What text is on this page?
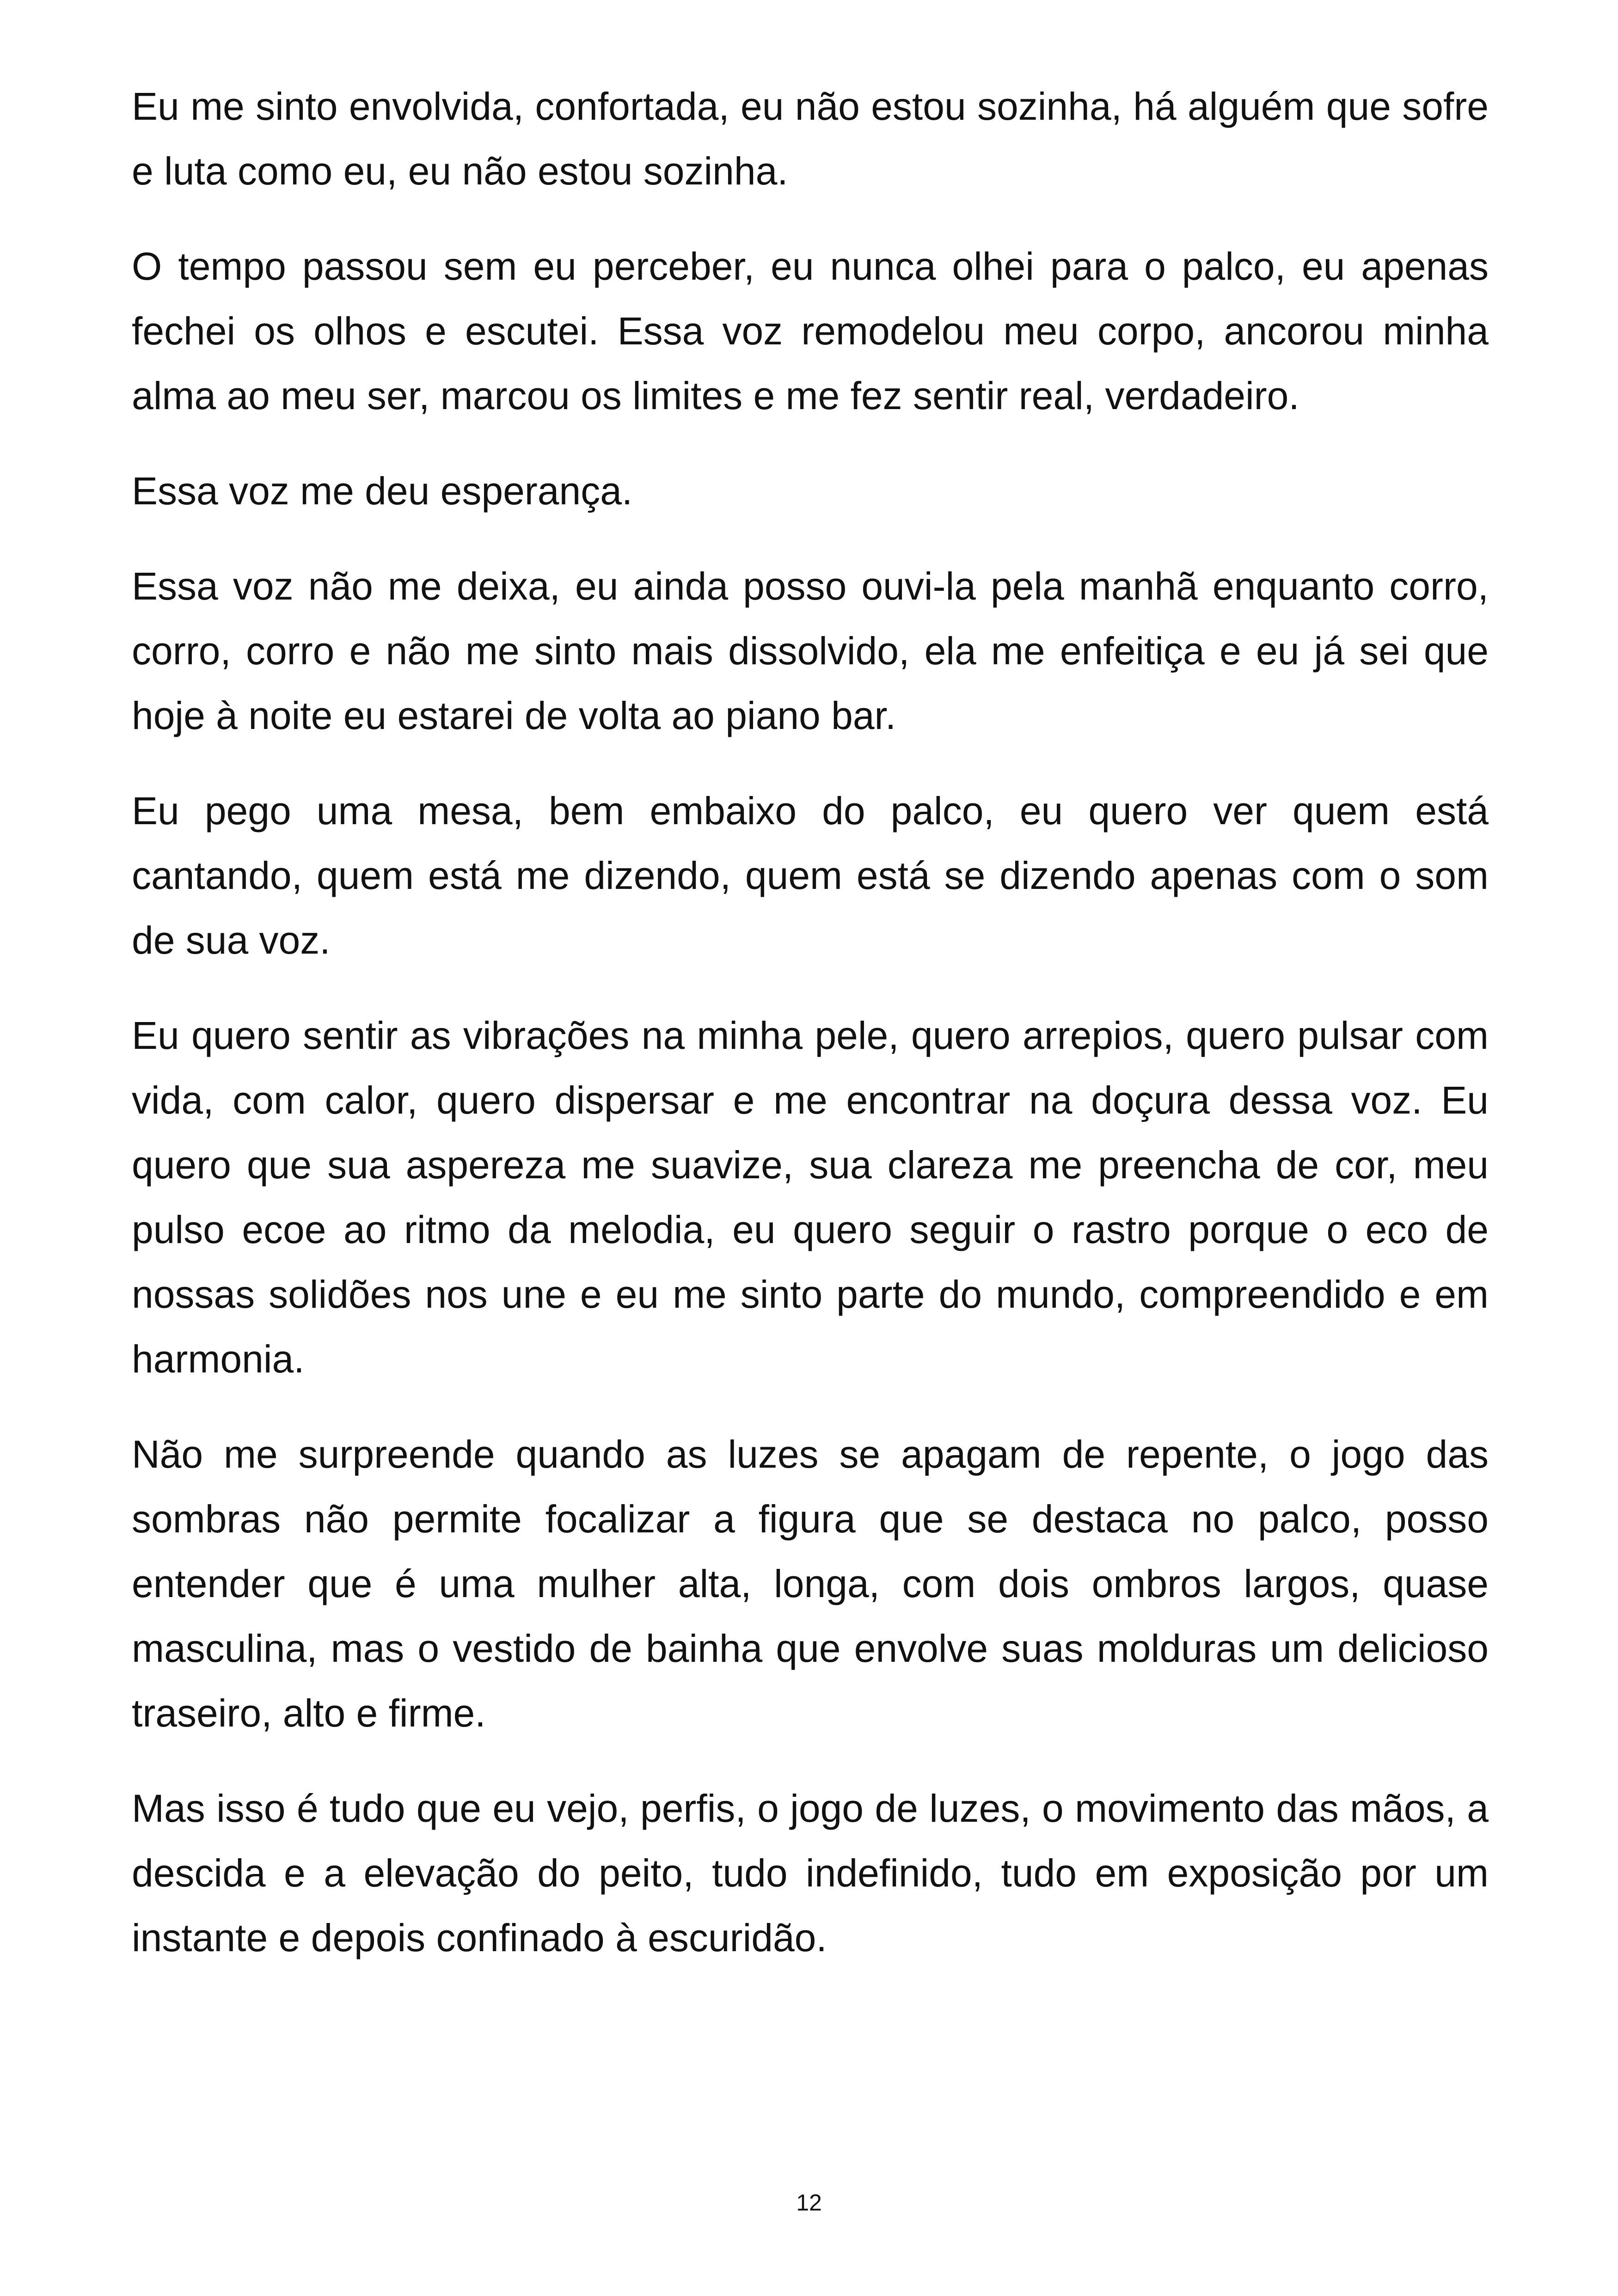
Eu me sinto envolvida, confortada, eu não estou sozinha, há alguém que sofre e luta como eu, eu não estou sozinha.

O tempo passou sem eu perceber, eu nunca olhei para o palco, eu apenas fechei os olhos e escutei. Essa voz remodelou meu corpo, ancorou minha alma ao meu ser, marcou os limites e me fez sentir real, verdadeiro.

Essa voz me deu esperança.

Essa voz não me deixa, eu ainda posso ouvi-la pela manhã enquanto corro, corro, corro e não me sinto mais dissolvido, ela me enfeitiça e eu já sei que hoje à noite eu estarei de volta ao piano bar.

Eu pego uma mesa, bem embaixo do palco, eu quero ver quem está cantando, quem está me dizendo, quem está se dizendo apenas com o som de sua voz.

Eu quero sentir as vibrações na minha pele, quero arrepios, quero pulsar com vida, com calor, quero dispersar e me encontrar na doçura dessa voz. Eu quero que sua aspereza me suavize, sua clareza me preencha de cor, meu pulso ecoe ao ritmo da melodia, eu quero seguir o rastro porque o eco de nossas solidões nos une e eu me sinto parte do mundo, compreendido e em harmonia.

Não me surpreende quando as luzes se apagam de repente, o jogo das sombras não permite focalizar a figura que se destaca no palco, posso entender que é uma mulher alta, longa, com dois ombros largos, quase masculina, mas o vestido de bainha que envolve suas molduras um delicioso traseiro, alto e firme.

Mas isso é tudo que eu vejo, perfis, o jogo de luzes, o movimento das mãos, a descida e a elevação do peito, tudo indefinido, tudo em exposição por um instante e depois confinado à escuridão.

12
